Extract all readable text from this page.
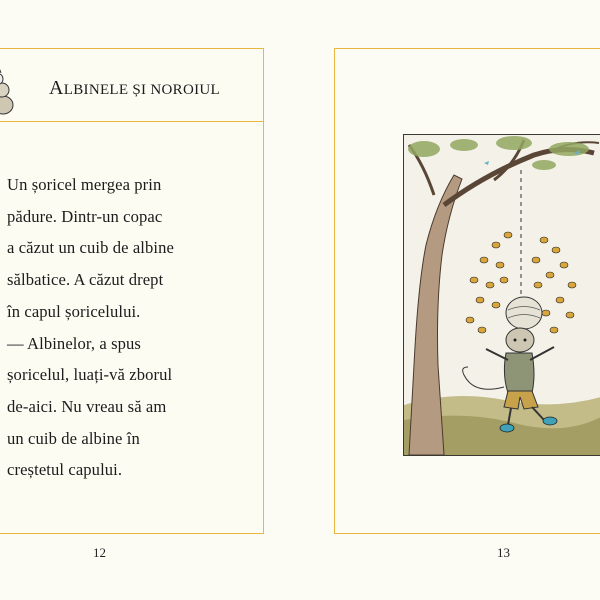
ALBINELE ȘI NOROIUL
Un șoricel mergea prin
pădure. Dintr-un copac
a căzut un cuib de albine
sălbatice. A căzut drept
în capul șoricelului.
— Albinelor, a spus
șoricelul, luați-vă zborul
de-aici. Nu vreau să am
un cuib de albine în
creștetul capului.
12	13
